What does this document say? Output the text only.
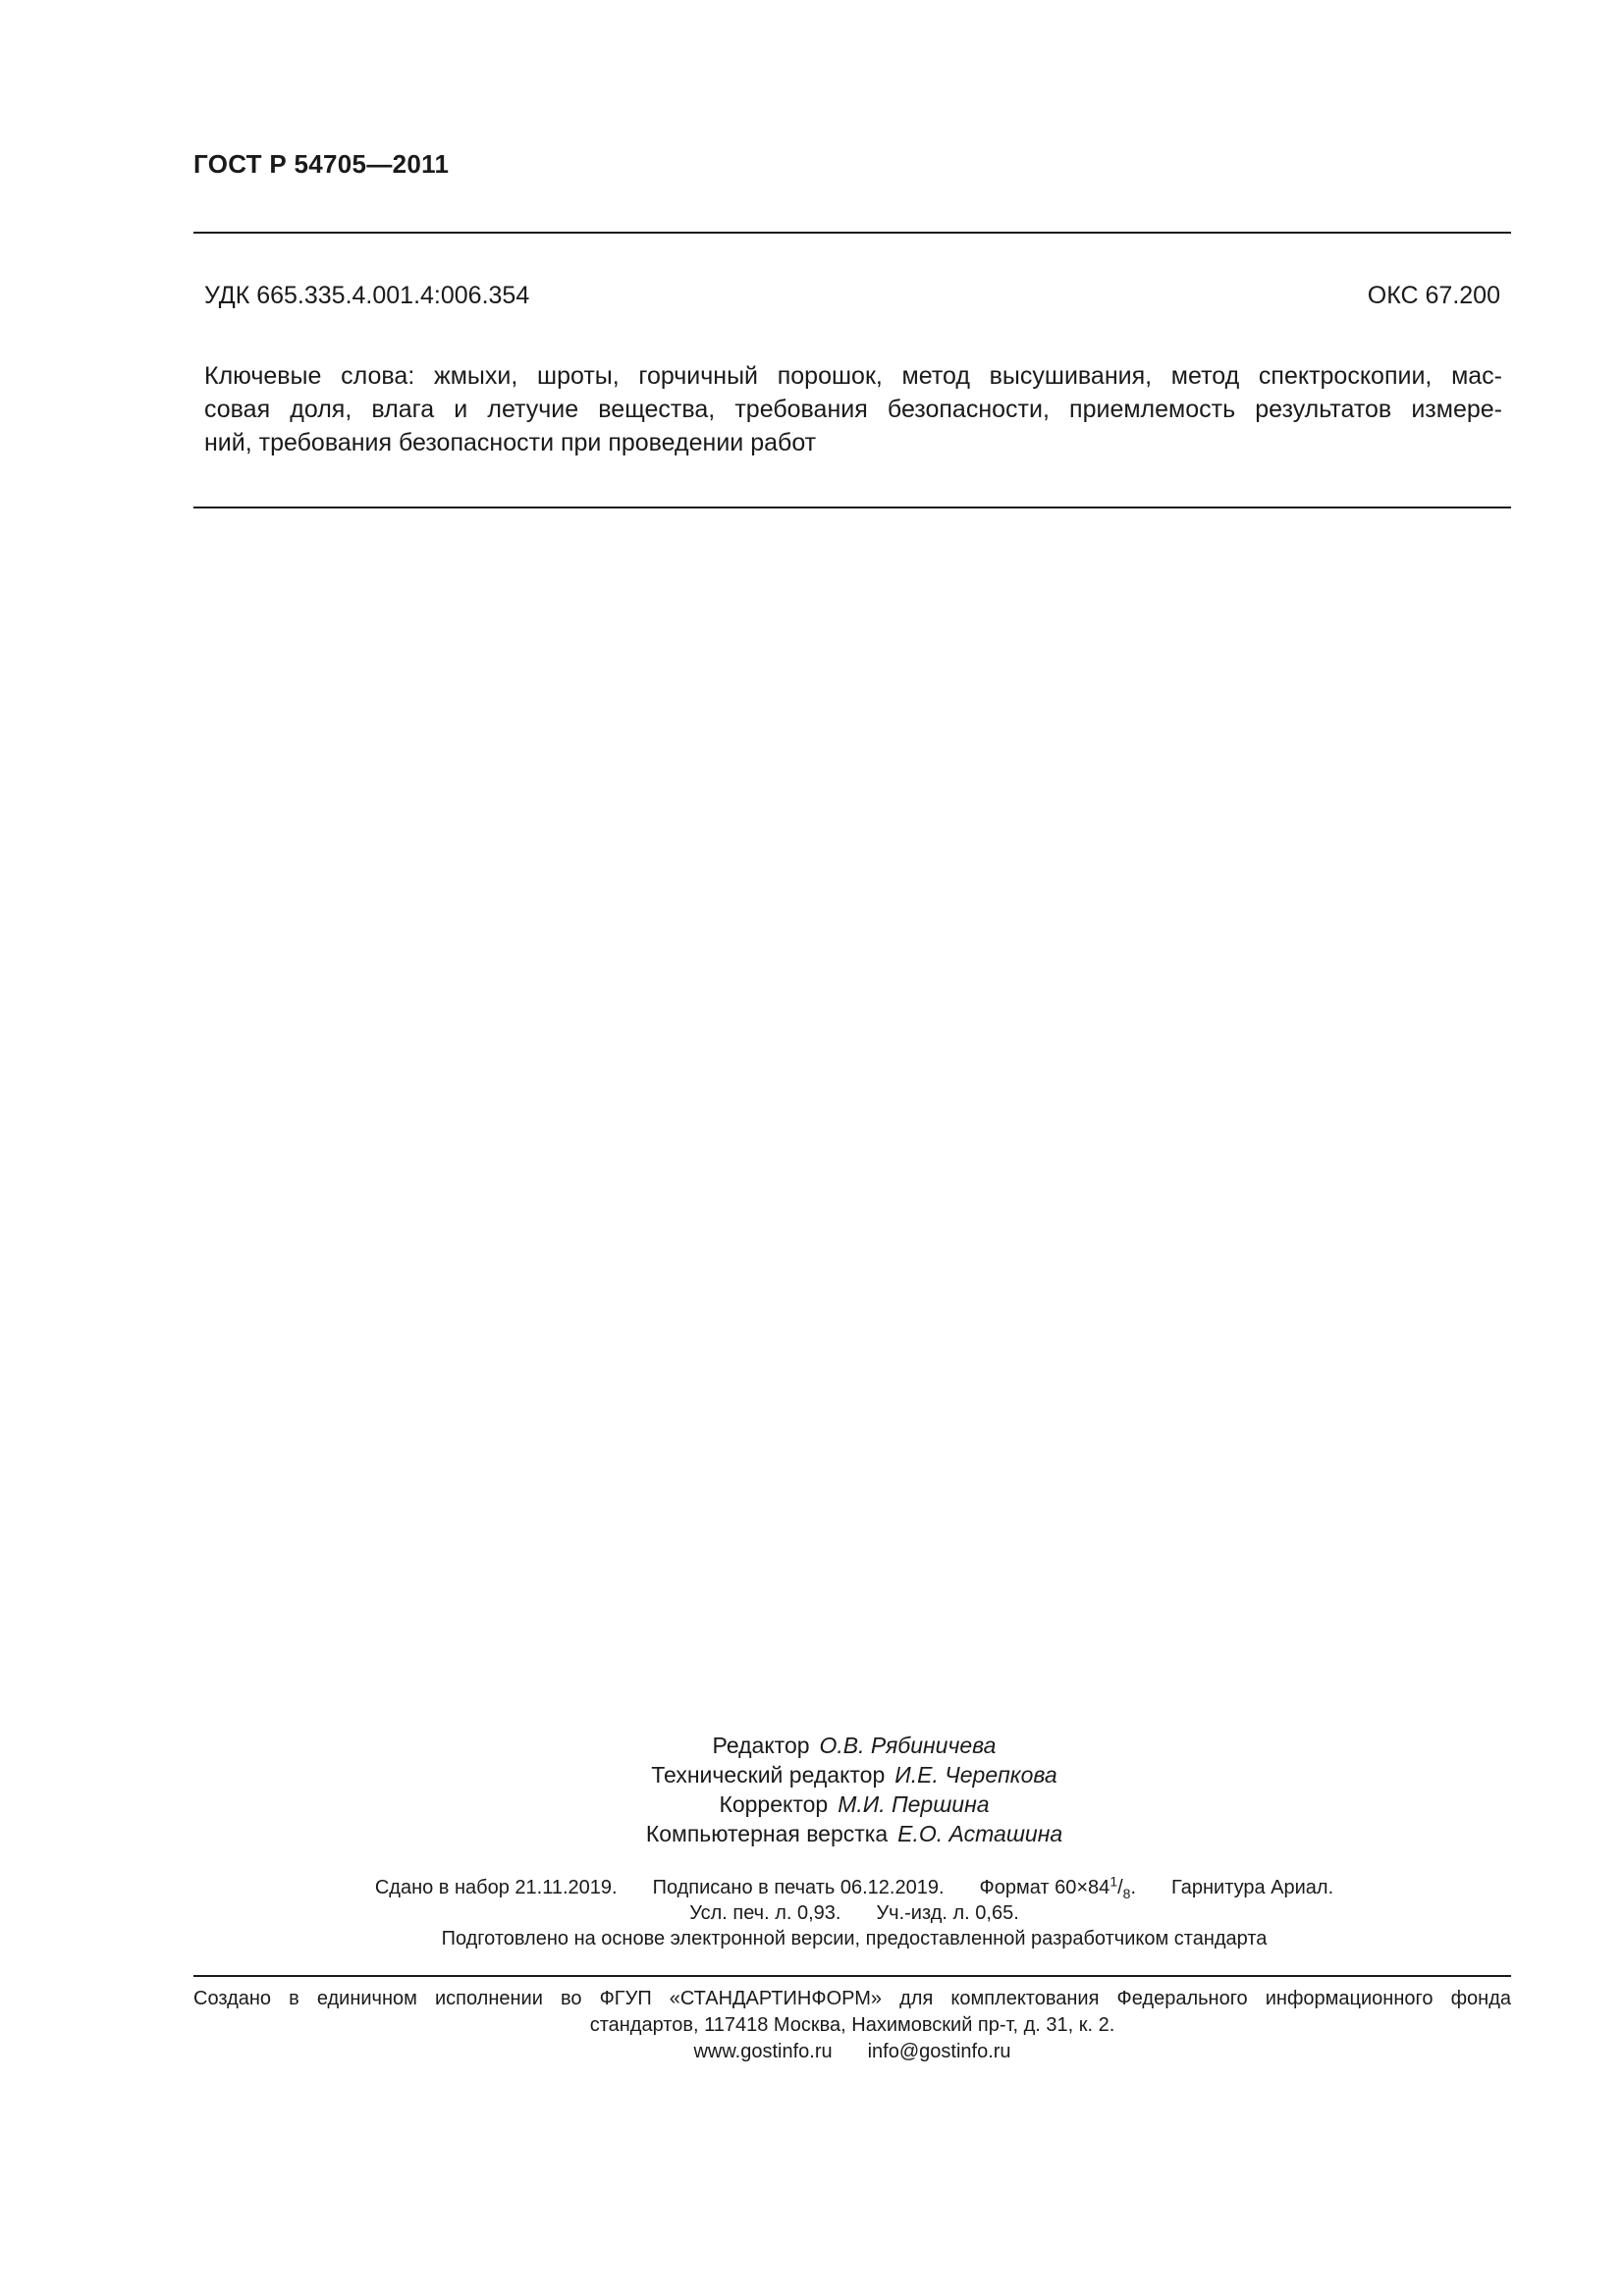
ГОСТ Р 54705—2011
УДК 665.335.4.001.4:006.354	ОКС 67.200
Ключевые слова: жмыхи, шроты, горчичный порошок, метод высушивания, метод спектроскопии, мас-
совая доля, влага и летучие вещества, требования безопасности, приемлемость результатов измере-
ний, требования безопасности при проведении работ
Редактор О.В. Рябиничева
Технический редактор И.Е. Черепкова
Корректор М.И. Першина
Компьютерная верстка Е.О. Асташина
Сдано в набор 21.11.2019. Подписано в печать 06.12.2019. Формат $60\times 84^1/_8$. Гарнитура Ариал.
Усл. печ. л. 0,93. Уч.-изд. л. 0,65.
Подготовлено на основе электронной версии, предоставленной разработчиком стандарта
Создано в единичном исполнении во ФГУП «СТАНДАРТИНФОРМ» для комплектования Федерального информационного фонда
стандартов, 117418 Москва, Нахимовский пр-т, д. 31, к. 2.
www.gostinfo.ru info@gostinfo.ru
